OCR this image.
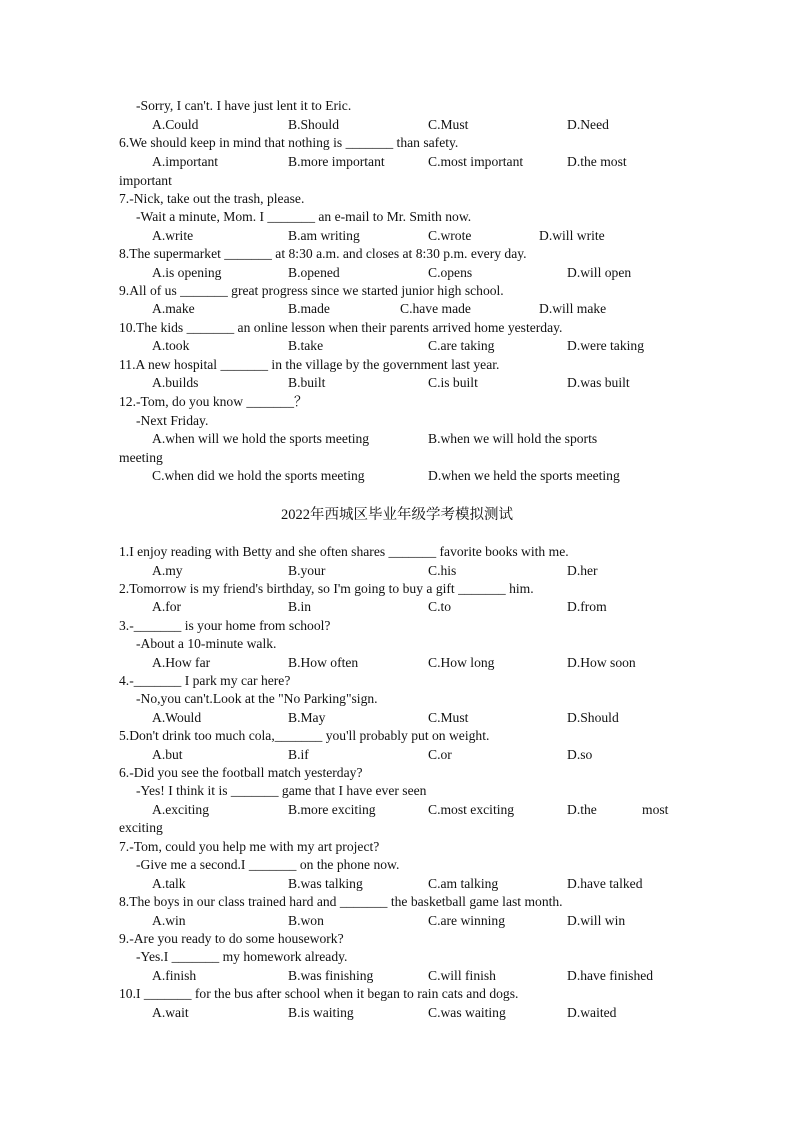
-Sorry, I can't. I have just lent it to Eric.
A.Could	B.Should	C.Must	D.Need
6.We should keep in mind that nothing is _______ than safety.
A.important	B.more important	C.most important	D.the most
important
7.-Nick, take out the trash, please.
-Wait a minute, Mom. I _______ an e-mail to Mr. Smith now.
A.write	B.am writing	C.wrote	D.will write
8.The supermarket _______ at 8:30 a.m. and closes at 8:30 p.m. every day.
A.is opening	B.opened	C.opens	D.will open
9.All of us _______ great progress since we started junior high school.
A.make	B.made	C.have made	D.will make
10.The kids _______ an online lesson when their parents arrived home yesterday.
A.took	B.take	C.are taking	D.were taking
11.A new hospital _______ in the village by the government last year.
A.builds	B.built	C.is built	D.was built
12.-Tom, do you know _______？
-Next Friday.
A.when will we hold the sports meeting	B.when we will hold the sports
meeting
C.when did we hold the sports meeting	D.when we held the sports meeting
2022年西城区毕业年级学考模拟测试
1.I enjoy reading with Betty and she often shares _______ favorite books with me.
A.my	B.your	C.his	D.her
2.Tomorrow is my friend's birthday, so I'm going to buy a gift _______ him.
A.for	B.in	C.to	D.from
3.-_______ is your home from school?
-About a 10-minute walk.
A.How far	B.How often	C.How long	D.How soon
4.-_______ I park my car here?
-No,you can't.Look at the "No Parking"sign.
A.Would	B.May	C.Must	D.Should
5.Don't drink too much cola,_______ you'll probably put on weight.
A.but	B.if	C.or	D.so
6.-Did you see the football match yesterday?
-Yes! I think it is _______ game that I have ever seen
A.exciting	B.more exciting	C.most exciting	D.the	most
exciting
7.-Tom, could you help me with my art project?
-Give me a second.I _______ on the phone now.
A.talk	B.was talking	C.am talking	D.have talked
8.The boys in our class trained hard and _______ the basketball game last month.
A.win	B.won	C.are winning	D.will win
9.-Are you ready to do some housework?
-Yes.I _______ my homework already.
A.finish	B.was finishing	C.will finish	D.have finished
10.I _______ for the bus after school when it began to rain cats and dogs.
A.wait	B.is waiting	C.was waiting	D.waited
